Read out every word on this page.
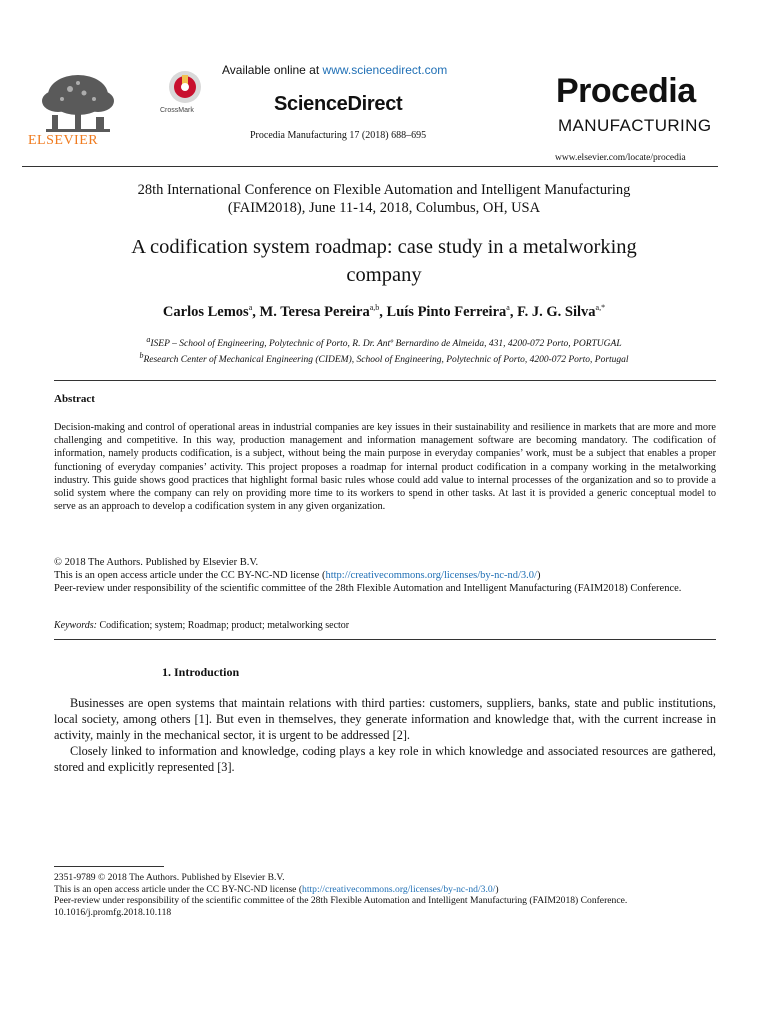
ELSEVIER
CrossMark
Available online at www.sciencedirect.com
ScienceDirect
Procedia Manufacturing 17 (2018) 688–695
Procedia
MANUFACTURING
www.elsevier.com/locate/procedia
28th International Conference on Flexible Automation and Intelligent Manufacturing
(FAIM2018), June 11-14, 2018, Columbus, OH, USA
A codification system roadmap: case study in a metalworking
company
Carlos Lemos$^a$, M. Teresa Pereira$^{a,b}$, Luís Pinto Ferreira$^a$, F. J. G. Silva$^{a,*}$
$^a$ISEP – School of Engineering, Polytechnic of Porto, R. Dr. Antº Bernardino de Almeida, 431, 4200-072 Porto, PORTUGAL
$^b$Research Center of Mechanical Engineering (CIDEM), School of Engineering, Polytechnic of Porto, 4200-072 Porto, Portugal
Abstract
Decision-making and control of operational areas in industrial companies are key issues in their sustainability and resilience in markets that are more and more challenging and competitive. In this way, production management and information management software are becoming mandatory. The codification of information, namely products codification, is a subject, without being the main purpose in everyday companies’ work, must be a subject that enables a proper functioning of everyday companies’ activity. This project proposes a roadmap for internal product codification in a company working in the metalworking industry. This guide shows good practices that highlight formal basic rules whose could add value to internal processes of the organization and so to provide a solid system where the company can rely on providing more time to its workers to spend in other tasks. At last it is provided a generic conceptual model to serve as an approach to develop a codification system in any given organization.
© 2018 The Authors. Published by Elsevier B.V.
This is an open access article under the CC BY-NC-ND license (http://creativecommons.org/licenses/by-nc-nd/3.0/)
Peer-review under responsibility of the scientific committee of the 28th Flexible Automation and Intelligent Manufacturing (FAIM2018) Conference.
Keywords: Codification; system; Roadmap; product; metalworking sector
1. Introduction

Businesses are open systems that maintain relations with third parties: customers, suppliers, banks, state and public institutions, local society, among others [1]. But even in themselves, they generate information and knowledge that, with the current increase in activity, mainly in the mechanical sector, it is urgent to be addressed [2].

Closely linked to information and knowledge, coding plays a key role in which knowledge and associated resources are gathered, stored and explicitly represented [3].

2351-9789 © 2018 The Authors. Published by Elsevier B.V.
This is an open access article under the CC BY-NC-ND license (http://creativecommons.org/licenses/by-nc-nd/3.0/)
Peer-review under responsibility of the scientific committee of the 28th Flexible Automation and Intelligent Manufacturing (FAIM2018) Conference.
10.1016/j.promfg.2018.10.118
